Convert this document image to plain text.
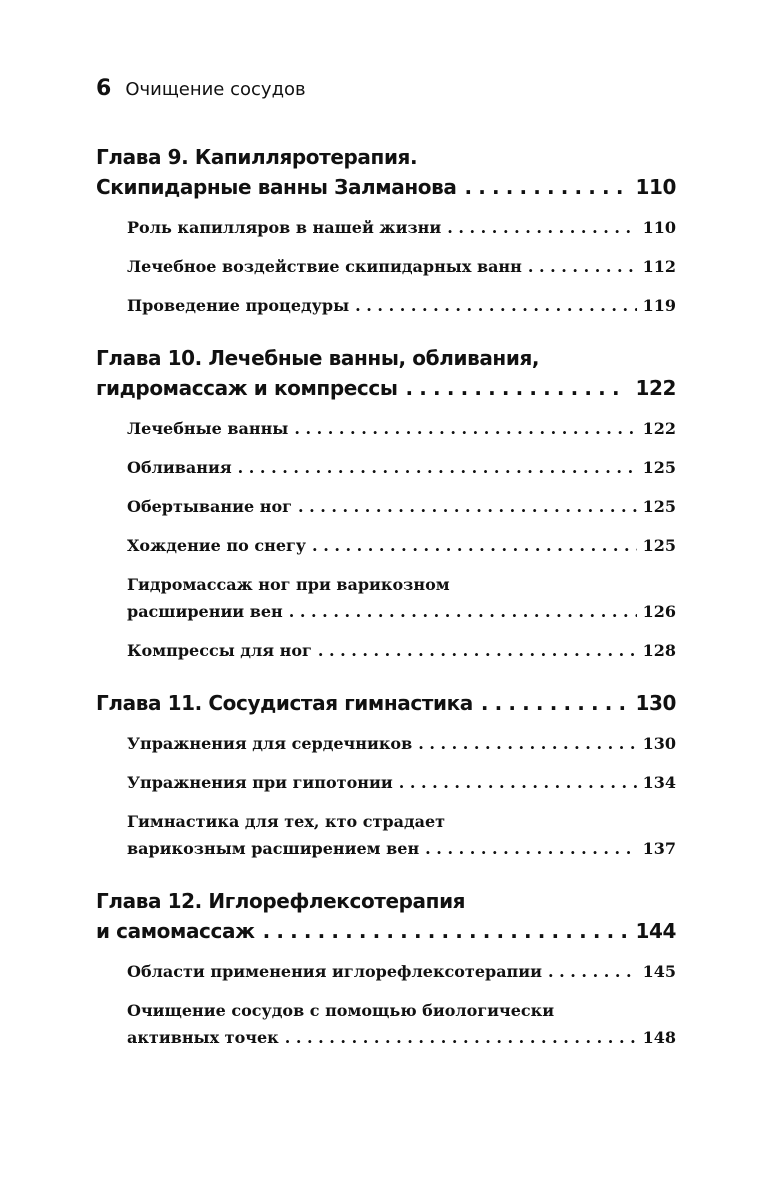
6 Очищение сосудов
Глава 9. Капилляротерапия.
Скипидарные ванны Залманова . . .	110
Роль капилляров в нашей жизни . . .	110
Лечебное воздействие скипидарных ванн . . .	112
Проведение процедуры . . .	119
Глава 10. Лечебные ванны, обливания,
гидромассаж и компрессы . . .	122
Лечебные ванны . . .	122
Обливания . . .	125
Обертывание ног . . .	125
Хождение по снегу . . .	125
Гидромассаж ног при варикозном
расширении вен . . .	126
Компрессы для ног . . .	128
Глава 11. Сосудистая гимнастика . . .	130
Упражнения для сердечников . . .	130
Упражнения при гипотонии . . .	134
Гимнастика для тех, кто страдает
варикозным расширением вен . . .	137
Глава 12. Иглорефлексотерапия
и самомассаж . . .	144
Области применения иглорефлексотерапии . . .	145
Очищение сосудов с помощью биологически
активных точек . . .	148
